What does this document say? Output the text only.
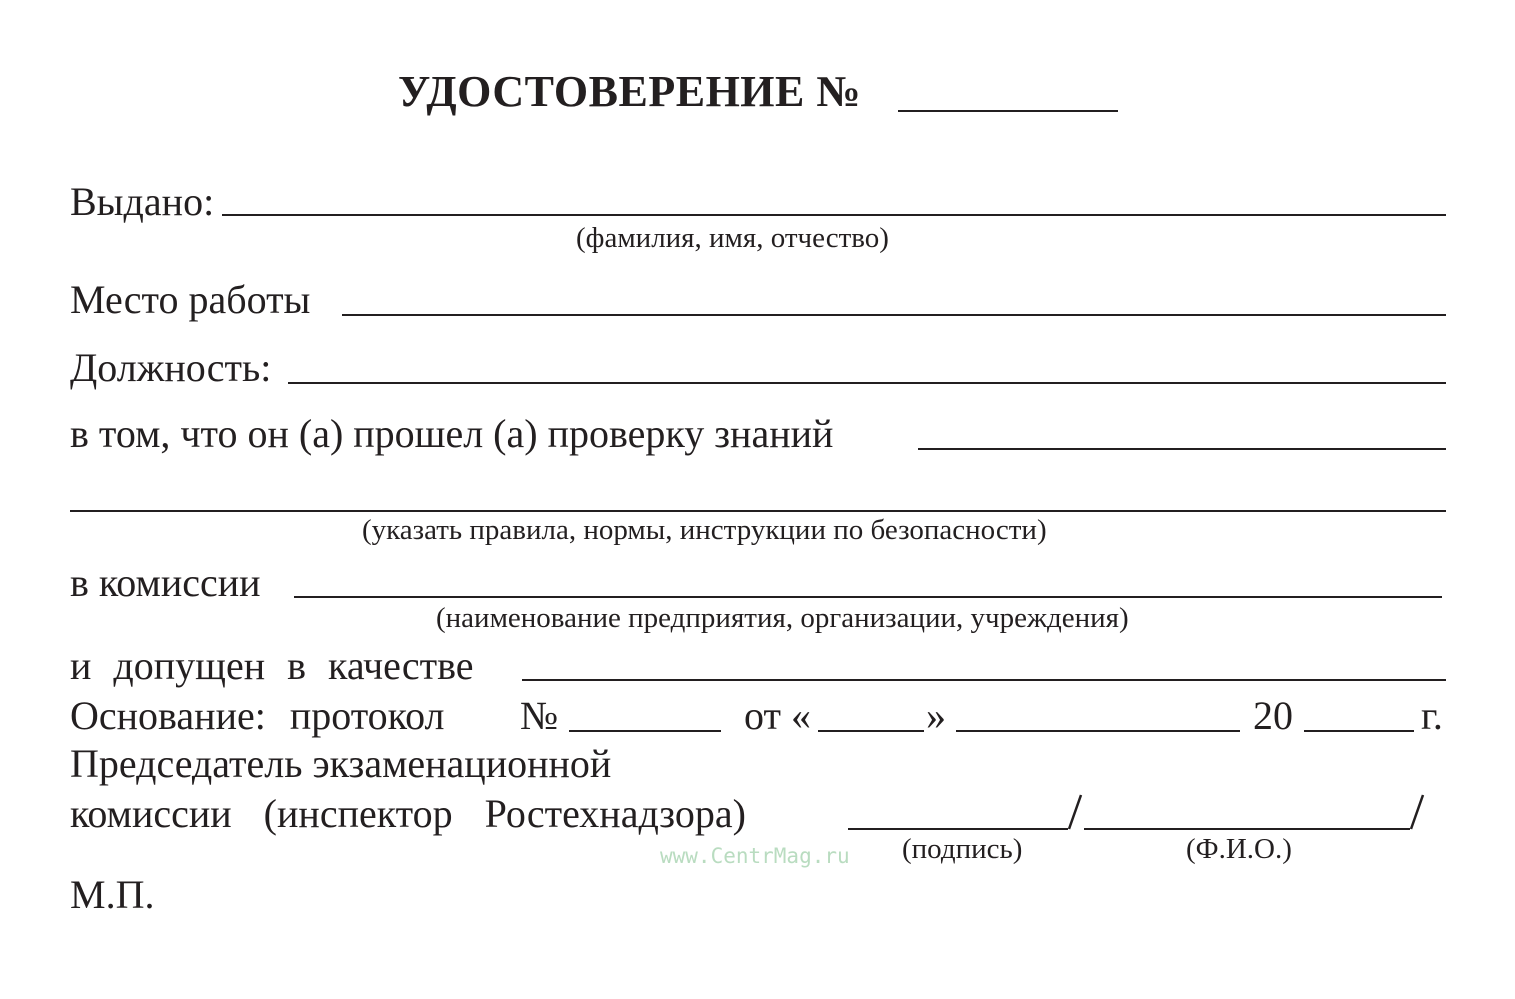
УДОСТОВЕРЕНИЕ №
Выдано:
(фамилия, имя, отчество)
Место работы
Должность:
в том, что он (а) прошел (а) проверку знаний
(указать правила, нормы, инструкции по безопасности)
в комиссии
(наименование предприятия, организации, учреждения)
и допущен в качестве
Основание: протокол №	от «	»	20	г.
Председатель экзаменационной
комиссии (инспектор Ростехнадзора)
www.CentrMag.ru (подпись)	(Ф.И.О.)
М.П.
